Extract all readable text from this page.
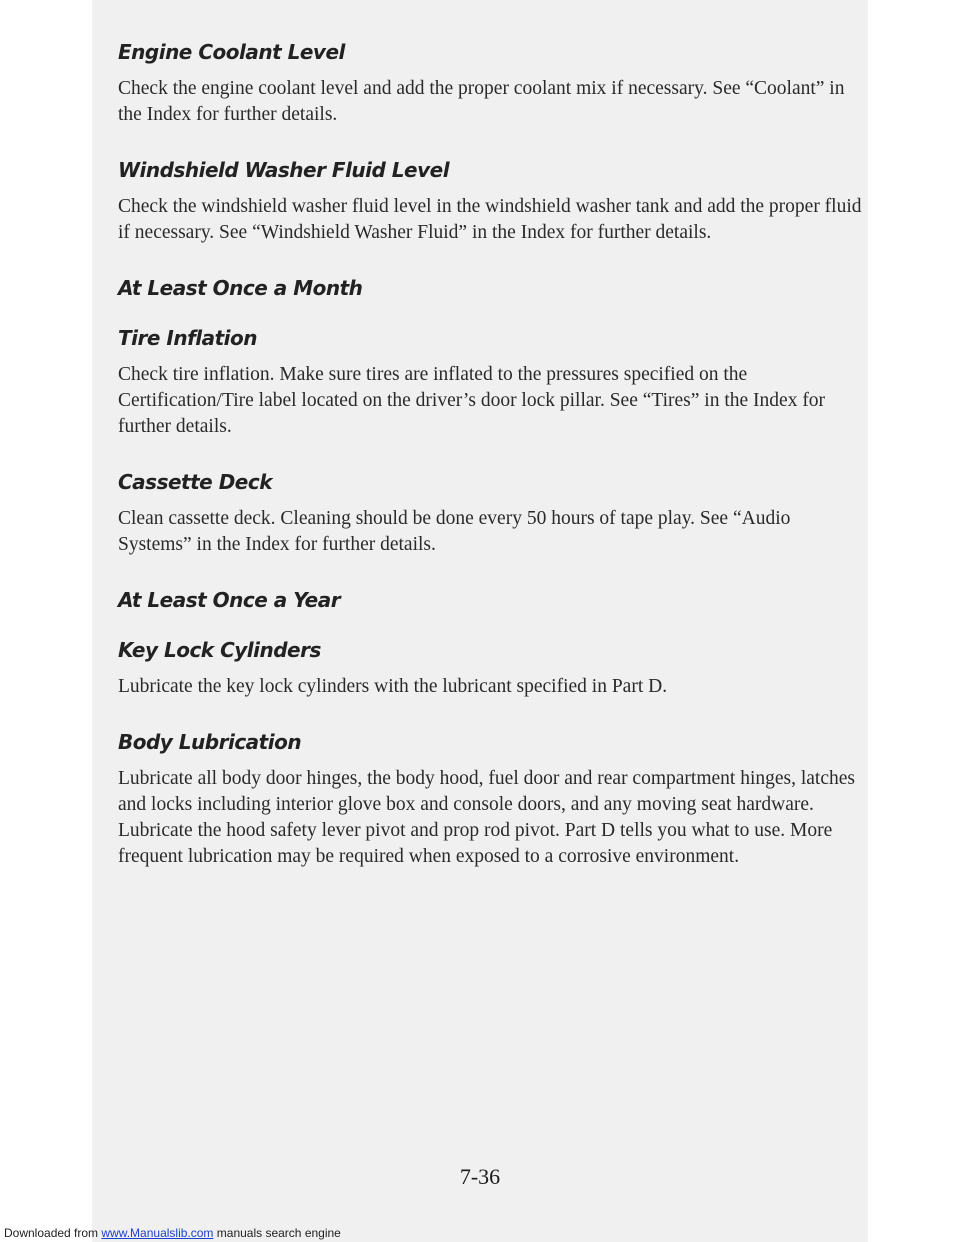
Engine Coolant Level

Check the engine coolant level and add the proper coolant mix if necessary. See “Coolant” in the Index for further details.

Windshield Washer Fluid Level

Check the windshield washer fluid level in the windshield washer tank and add the proper fluid if necessary. See “Windshield Washer Fluid” in the Index for further details.

At Least Once a Month
Tire Inflation

Check tire inflation. Make sure tires are inflated to the pressures specified on the Certification/Tire label located on the driver’s door lock pillar. See “Tires” in the Index for further details.

Cassette Deck

Clean cassette deck. Cleaning should be done every 50 hours of tape play. See “Audio Systems” in the Index for further details.

At Least Once a Year
Key Lock Cylinders

Lubricate the key lock cylinders with the lubricant specified in Part D.

Body Lubrication

Lubricate all body door hinges, the body hood, fuel door and rear compartment hinges, latches and locks including interior glove box and console doors, and any moving seat hardware. Lubricate the hood safety lever pivot and prop rod pivot. Part D tells you what to use. More frequent lubrication may be required when exposed to a corrosive environment.

7-36
Downloaded from www.Manualslib.com manuals search engine
